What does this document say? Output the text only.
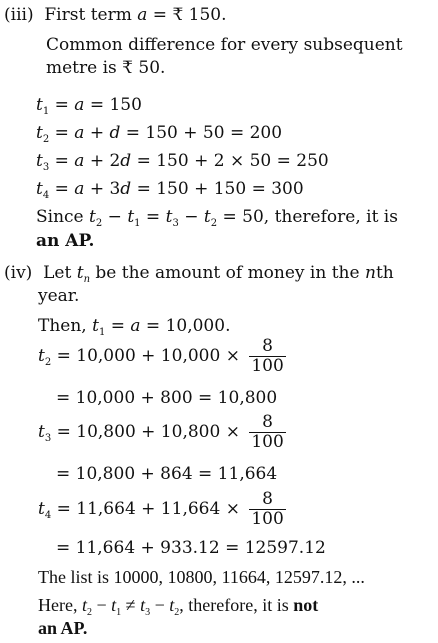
(iii)  First term a = ₹ 150.
Common difference for every subsequent
metre is ₹ 50.
$t_1 = a = 150$
$t_2 = a + d = 150 + 50 = 200$
$t_3 = a + 2d = 150 + 2 \times 50 = 250$
$t_4 = a + 3d = 150 + 150 = 300$
Since $t_2 - t_1 = t_3 - t_2 = 50$, therefore, it is
an AP.
(iv)  Let $t_n$ be the amount of money in the nth
year.
Then, $t_1 = a = 10,000$.
$t_2 = 10,000 + 10,000 \times \frac{8}{100}$
= 10,000 + 800 = 10,800
$t_3 = 10,800 + 10,800 \times \frac{8}{100}$
= 10,800 + 864 = 11,664
$t_4 = 11,664 + 11,664 \times \frac{8}{100}$
= 11,664 + 933.12 = 12597.12
The list is 10000, 10800, 11664, 12597.12, ...
Here, $t_2 - t_1 \ne t_3 - t_2$, therefore, it is not
an AP.
